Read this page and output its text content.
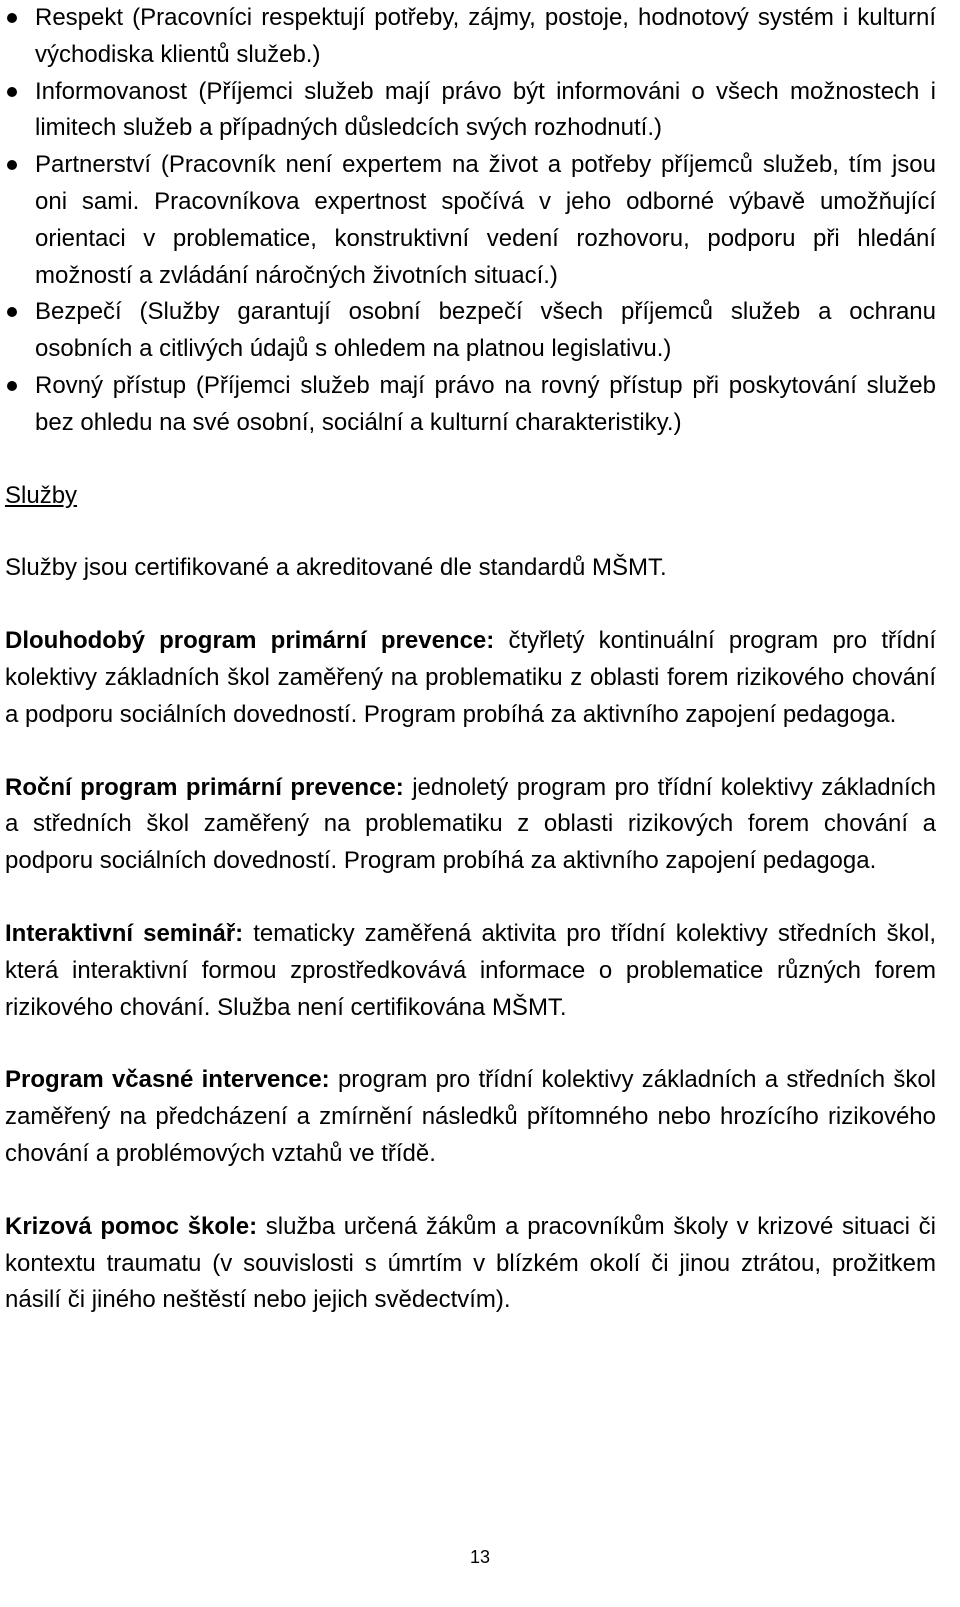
Respekt (Pracovníci respektují potřeby, zájmy, postoje, hodnotový systém i kulturní východiska klientů služeb.)
Informovanost (Příjemci služeb mají právo být informováni o všech možnostech i limitech služeb a případných důsledcích svých rozhodnutí.)
Partnerství (Pracovník není expertem na život a potřeby příjemců služeb, tím jsou oni sami. Pracovníkova expertnost spočívá v jeho odborné výbavě umožňující orientaci v problematice, konstruktivní vedení rozhovoru, podporu při hledání možností a zvládání náročných životních situací.)
Bezpečí (Služby garantují osobní bezpečí všech příjemců služeb a ochranu osobních a citlivých údajů s ohledem na platnou legislativu.)
Rovný přístup (Příjemci služeb mají právo na rovný přístup při poskytování služeb bez ohledu na své osobní, sociální a kulturní charakteristiky.)

Služby

Služby jsou certifikované a akreditované dle standardů MŠMT.

Dlouhodobý program primární prevence: čtyřletý kontinuální program pro třídní kolektivy základních škol zaměřený na problematiku z oblasti forem rizikového chování a podporu sociálních dovedností. Program probíhá za aktivního zapojení pedagoga.

Roční program primární prevence: jednoletý program pro třídní kolektivy základních a středních škol zaměřený na problematiku z oblasti rizikových forem chování a podporu sociálních dovedností. Program probíhá za aktivního zapojení pedagoga.

Interaktivní seminář: tematicky zaměřená aktivita pro třídní kolektivy středních škol, která interaktivní formou zprostředkovává informace o problematice různých forem rizikového chování. Služba není certifikována MŠMT.

Program včasné intervence: program pro třídní kolektivy základních a středních škol zaměřený na předcházení a zmírnění následků přítomného nebo hrozícího rizikového chování a problémových vztahů ve třídě.

Krizová pomoc škole: služba určená žákům a pracovníkům školy v krizové situaci či kontextu traumatu (v souvislosti s úmrtím v blízkém okolí či jinou ztrátou, prožitkem násilí či jiného neštěstí nebo jejich svědectvím).

13
